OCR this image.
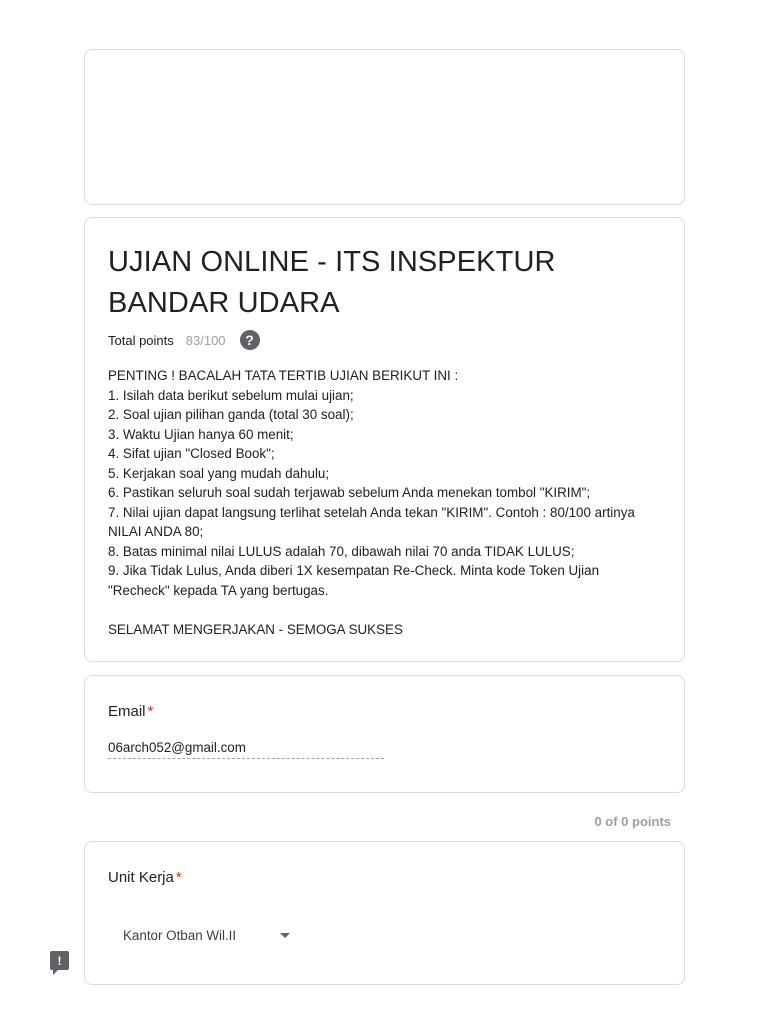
UJIAN ONLINE - ITS INSPEKTUR
BANDAR UDARA
Total points 83/100	?
PENTING ! BACALAH TATA TERTIB UJIAN BERIKUT INI :
1. Isilah data berikut sebelum mulai ujian;
2. Soal ujian pilihan ganda (total 30 soal);
3. Waktu Ujian hanya 60 menit;
4. Sifat ujian "Closed Book";
5. Kerjakan soal yang mudah dahulu;
6. Pastikan seluruh soal sudah terjawab sebelum Anda menekan tombol "KIRIM";
7. Nilai ujian dapat langsung terlihat setelah Anda tekan "KIRIM". Contoh : 80/100 artinya
NILAI ANDA 80;
8. Batas minimal nilai LULUS adalah 70, dibawah nilai 70 anda TIDAK LULUS;
9. Jika Tidak Lulus, Anda diberi 1X kesempatan Re-Check. Minta kode Token Ujian
"Recheck" kepada TA yang bertugas.
SELAMAT MENGERJAKAN - SEMOGA SUKSES
Email *
06arch052@gmail.com
0 of 0 points
Unit Kerja *
Kantor Otban Wil.II
!
